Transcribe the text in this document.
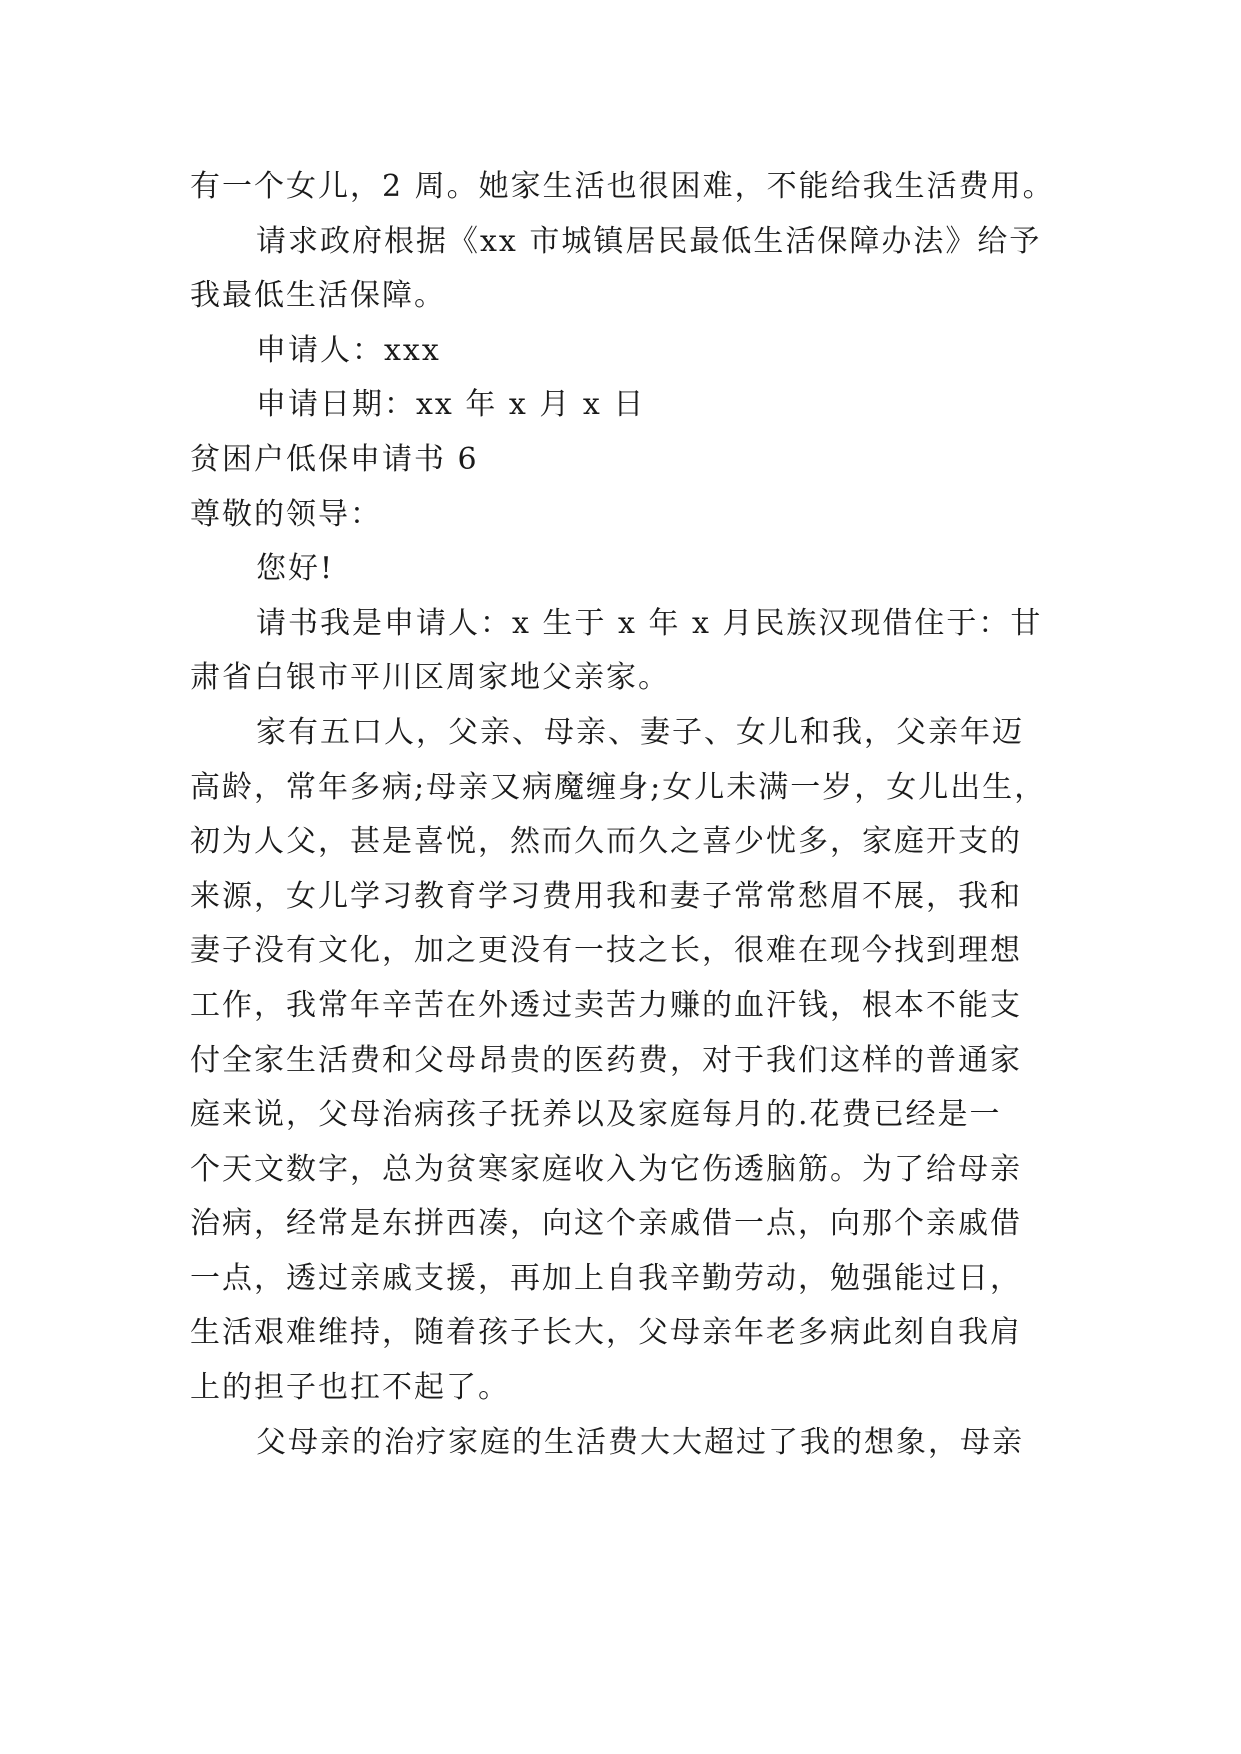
有一个女儿，2 周。她家生活也很困难，不能给我生活费用。
请求政府根据《xx 市城镇居民最低生活保障办法》给予
我最低生活保障。
申请人：xxx
申请日期：xx 年 x 月 x 日
贫困户低保申请书 6
尊敬的领导：
您好!
请书我是申请人：x 生于 x 年 x 月民族汉现借住于：甘
肃省白银市平川区周家地父亲家。
家有五口人，父亲、母亲、妻子、女儿和我，父亲年迈
高龄，常年多病;母亲又病魔缠身;女儿未满一岁，女儿出生，
初为人父，甚是喜悦，然而久而久之喜少忧多，家庭开支的
来源，女儿学习教育学习费用我和妻子常常愁眉不展，我和
妻子没有文化，加之更没有一技之长，很难在现今找到理想
工作，我常年辛苦在外透过卖苦力赚的血汗钱，根本不能支
付全家生活费和父母昂贵的医药费，对于我们这样的普通家
庭来说，父母治病孩子抚养以及家庭每月的.花费已经是一
个天文数字，总为贫寒家庭收入为它伤透脑筋。为了给母亲
治病，经常是东拼西凑，向这个亲戚借一点，向那个亲戚借
一点，透过亲戚支援，再加上自我辛勤劳动，勉强能过日，
生活艰难维持，随着孩子长大，父母亲年老多病此刻自我肩
上的担子也扛不起了。
父母亲的治疗家庭的生活费大大超过了我的想象，母亲
